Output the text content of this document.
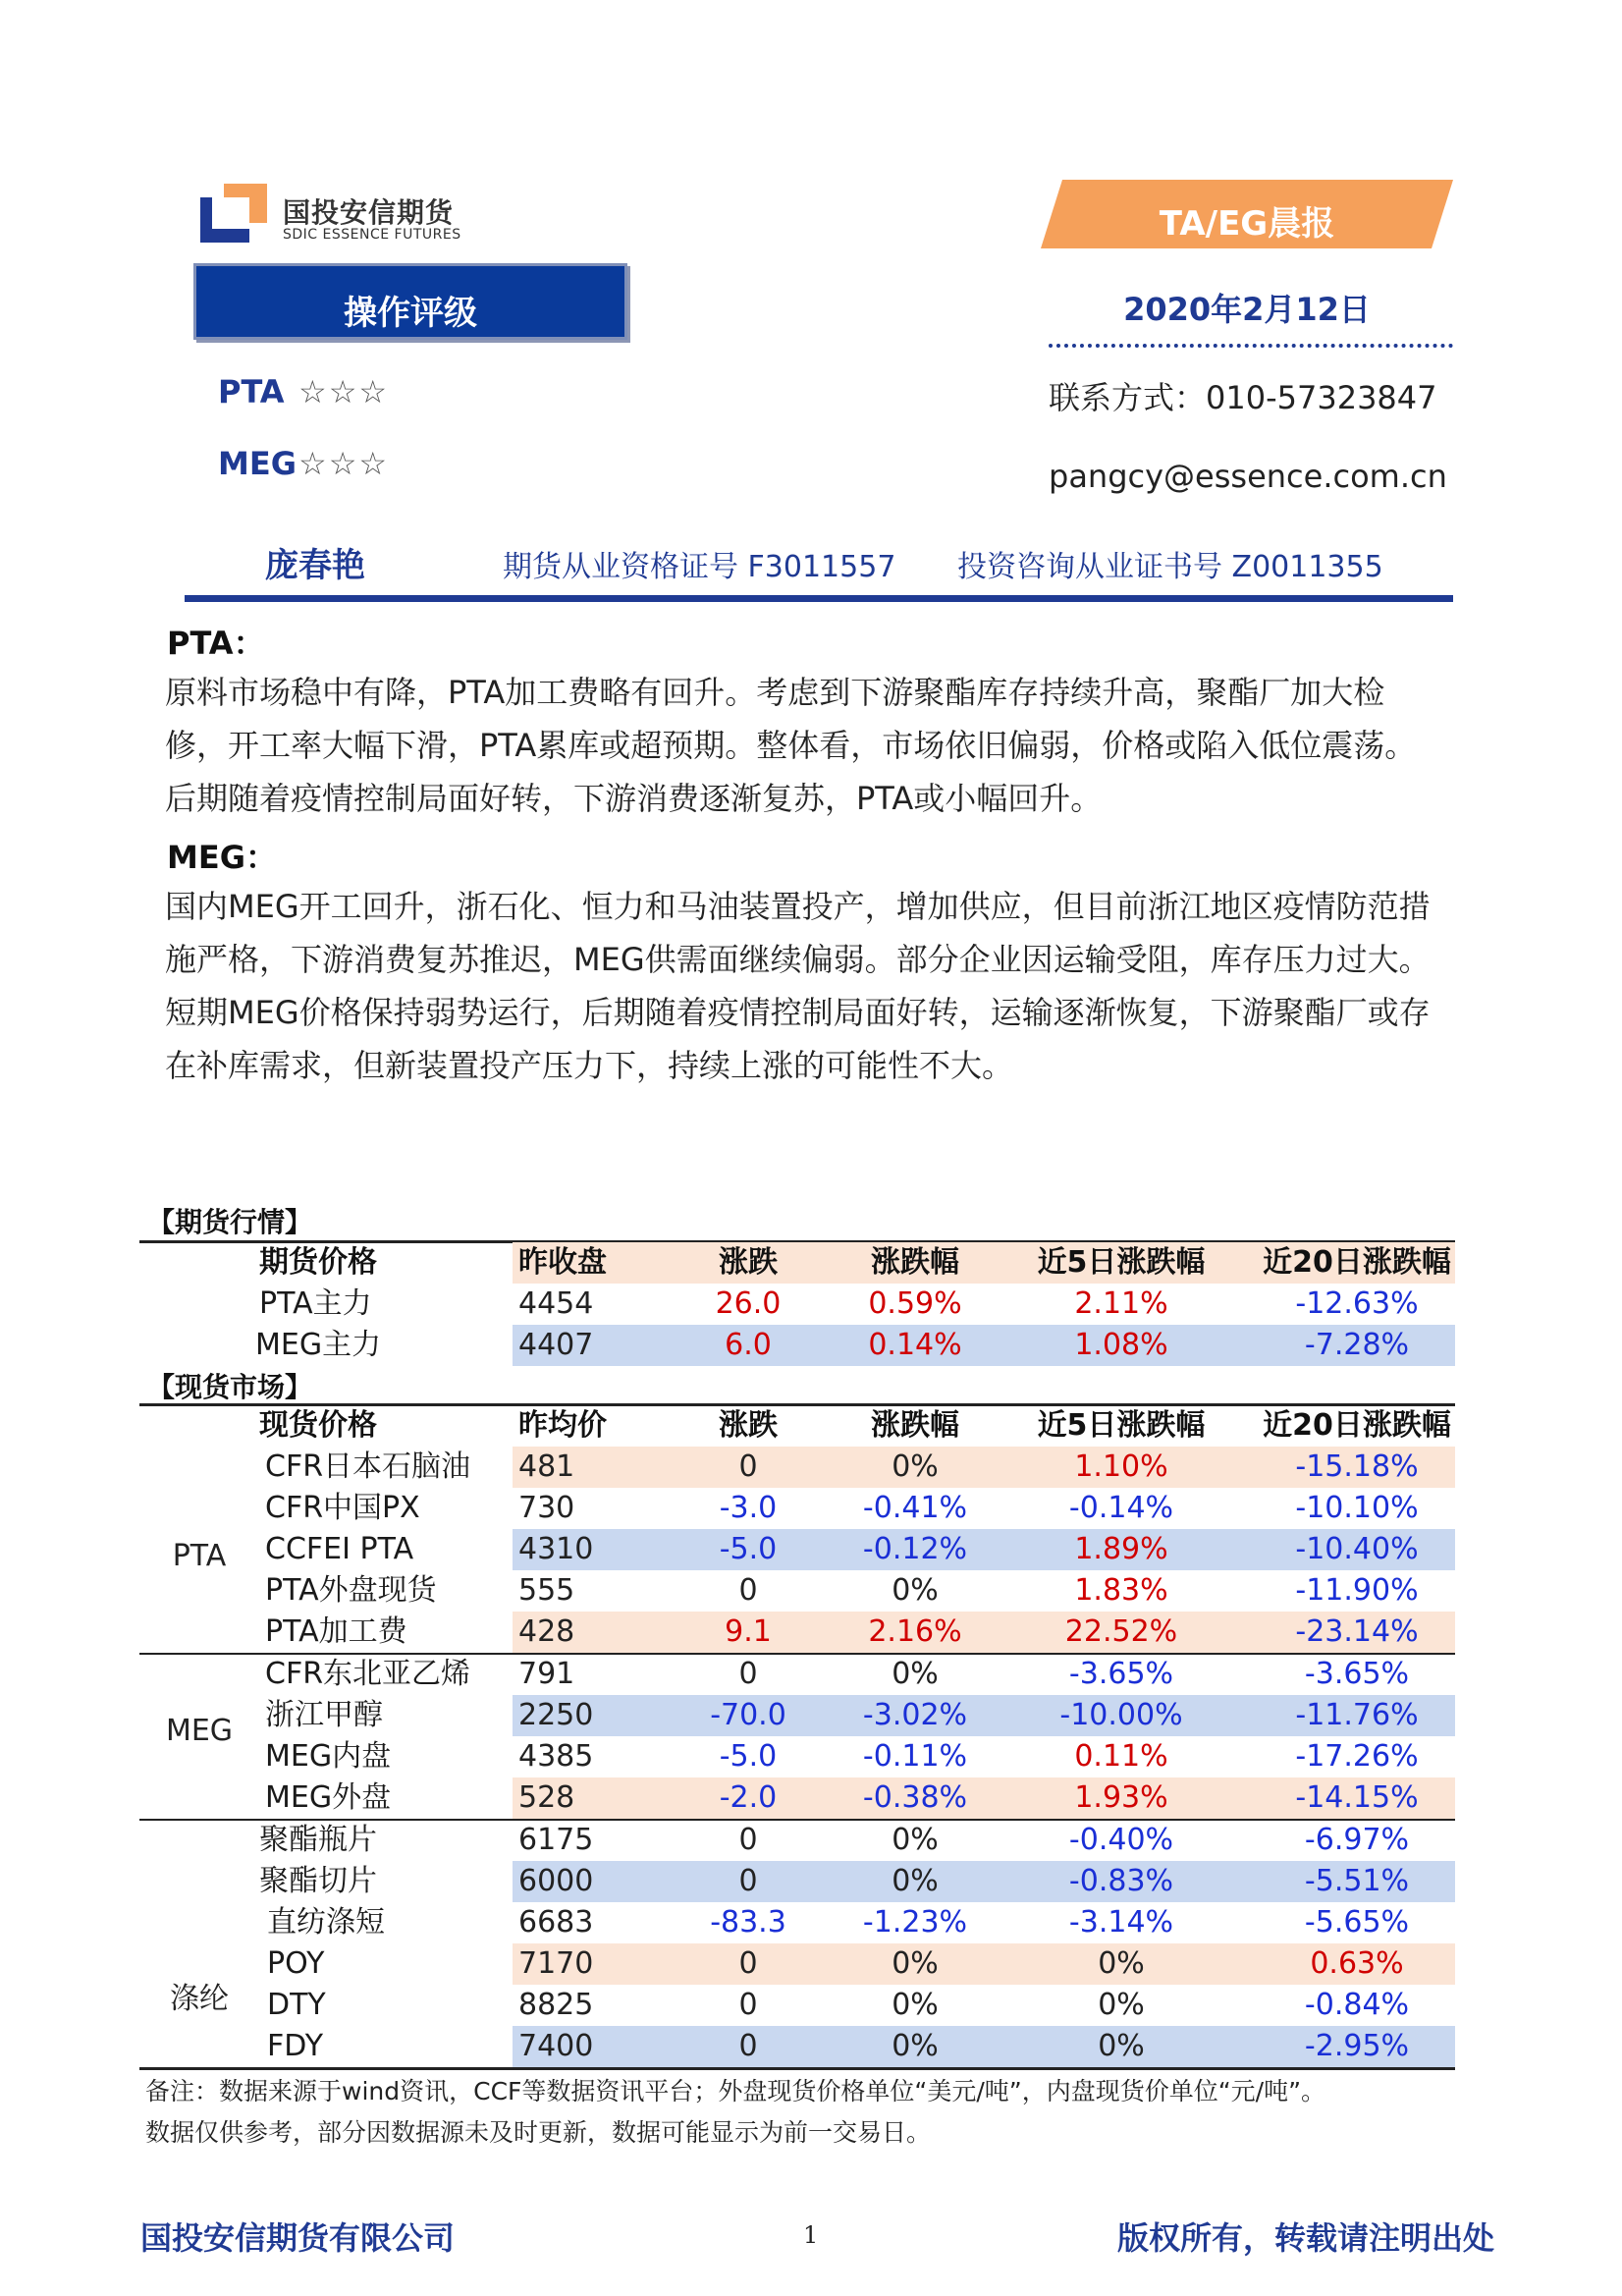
国投安信期货
SDIC ESSENCE FUTURES	TA/EG晨报
2020年2月12日
操作评级
PTA ☆☆☆
MEG ☆☆☆
联系方式：010-57323847
pangcy@essence.com.cn
庞春艳	期货从业资格证号 F3011557 投资咨询从业证书号 Z0011355
PTA：
原料市场稳中有降，PTA加工费略有回升。考虑到下游聚酯库存持续升高，聚酯厂加大检
修，开工率大幅下滑，PTA累库或超预期。整体看，市场依旧偏弱，价格或陷入低位震荡。
后期随着疫情控制局面好转，下游消费逐渐复苏，PTA或小幅回升。
MEG：
国内MEG开工回升，浙石化、恒力和马油装置投产，增加供应，但目前浙江地区疫情防范措
施严格，下游消费复苏推迟，MEG供需面继续偏弱。部分企业因运输受阻，库存压力过大。
短期MEG价格保持弱势运行，后期随着疫情控制局面好转，运输逐渐恢复，下游聚酯厂或存
在补库需求，但新装置投产压力下，持续上涨的可能性不大。
【期货行情】
期货价格	昨收盘	涨跌	涨跌幅	近5日涨跌幅	近20日涨跌幅
PTA主力	4454	26.0	0.59%	2.11%	-12.63%
MEG主力	4407	6.0	0.14%	1.08%	-7.28%
【现货市场】
现货价格	昨均价	涨跌	涨跌幅	近5日涨跌幅	近20日涨跌幅
PTA
CFR日本石脑油	481	0	0%	1.10%	-15.18%
CFR中国PX	730	-3.0	-0.41%	-0.14%	-10.10%
CCFEI PTA	4310	-5.0	-0.12%	1.89%	-10.40%
PTA外盘现货	555	0	0%	1.83%	-11.90%
PTA加工费	428	9.1	2.16%	22.52%	-23.14%
MEG
CFR东北亚乙烯	791	0	0%	-3.65%	-3.65%
浙江甲醇	2250	-70.0	-3.02%	-10.00%	-11.76%
MEG内盘	4385	-5.0	-0.11%	0.11%	-17.26%
MEG外盘	528	-2.0	-0.38%	1.93%	-14.15%
涤纶
聚酯瓶片	6175	0	0%	-0.40%	-6.97%
聚酯切片	6000	0	0%	-0.83%	-5.51%
直纺涤短	6683	-83.3	-1.23%	-3.14%	-5.65%
POY	7170	0	0%	0%	0.63%
DTY	8825	0	0%	0%	-0.84%
FDY	7400	0	0%	0%	-2.95%
备注：数据来源于wind资讯，CCF等数据资讯平台；外盘现货价格单位“美元/吨”，内盘现货价单位“元/吨”。
数据仅供参考，部分因数据源未及时更新，数据可能显示为前一交易日。
国投安信期货有限公司	1	版权所有，转载请注明出处
